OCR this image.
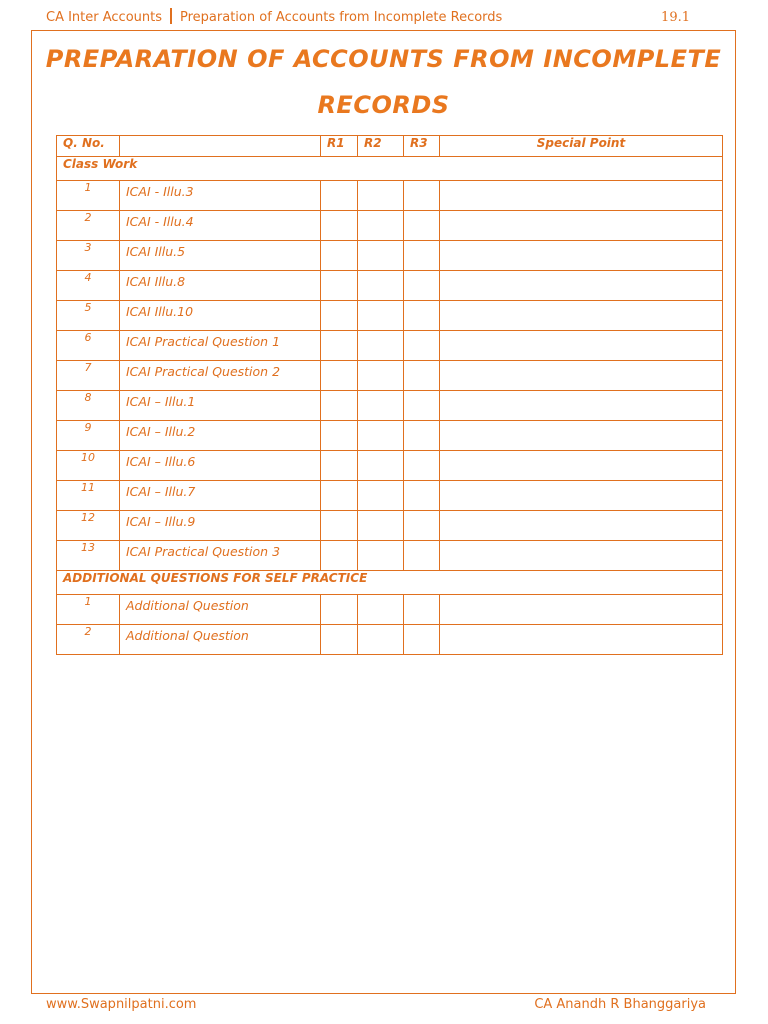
CA Inter Accounts Preparation of Accounts from Incomplete Records	19.1
PREPARATION OF ACCOUNTS FROM INCOMPLETE
RECORDS
Q. No.		R1	R2	R3	Special Point
Class Work					
1	ICAI - Illu.3				
2	ICAI - Illu.4				
3	ICAI Illu.5				
4	ICAI Illu.8				
5	ICAI Illu.10				
6	ICAI Practical Question 1				
7	ICAI Practical Question 2				
8	ICAI – Illu.1				
9	ICAI – Illu.2				
10	ICAI – Illu.6				
11	ICAI – Illu.7				
12	ICAI – Illu.9				
13	ICAI Practical Question 3				
ADDITIONAL QUESTIONS FOR SELF PRACTICE					
1	Additional Question				
2	Additional Question				
www.Swapnilpatni.com	CA Anandh R Bhanggariya
